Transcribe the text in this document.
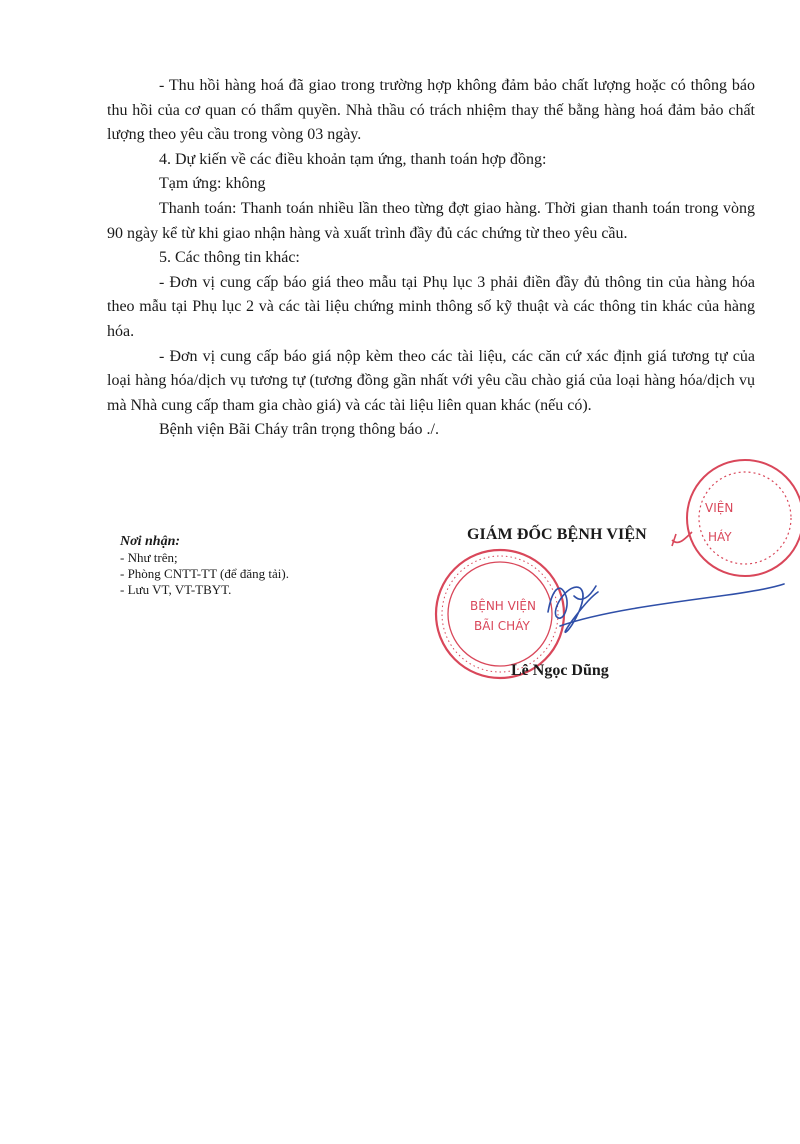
- Thu hồi hàng hoá đã giao trong trường hợp không đảm bảo chất lượng hoặc có thông báo thu hồi của cơ quan có thẩm quyền. Nhà thầu có trách nhiệm thay thế bằng hàng hoá đảm bảo chất lượng theo yêu cầu trong vòng 03 ngày.

4. Dự kiến về các điều khoản tạm ứng, thanh toán hợp đồng:

Tạm ứng: không

Thanh toán: Thanh toán nhiều lần theo từng đợt giao hàng. Thời gian thanh toán trong vòng 90 ngày kể từ khi giao nhận hàng và xuất trình đầy đủ các chứng từ theo yêu cầu.

5. Các thông tin khác:

- Đơn vị cung cấp báo giá theo mẫu tại Phụ lục 3 phải điền đầy đủ thông tin của hàng hóa theo mẫu tại Phụ lục 2 và các tài liệu chứng minh thông số kỹ thuật và các thông tin khác của hàng hóa.

- Đơn vị cung cấp báo giá nộp kèm theo các tài liệu, các căn cứ xác định giá tương tự của loại hàng hóa/dịch vụ tương tự (tương đồng gần nhất với yêu cầu chào giá của loại hàng hóa/dịch vụ mà Nhà cung cấp tham gia chào giá) và các tài liệu liên quan khác (nếu có).

Bệnh viện Bãi Cháy trân trọng thông báo ./.

Nơi nhận:
- Như trên;
- Phòng CNTT-TT (để đăng tải).
- Lưu VT, VT-TBYT.
GIÁM ĐỐC BỆNH VIỆN
VIỆN
HÁY
BỆNH VIỆN
BÃI CHÁY
Lê Ngọc Dũng
